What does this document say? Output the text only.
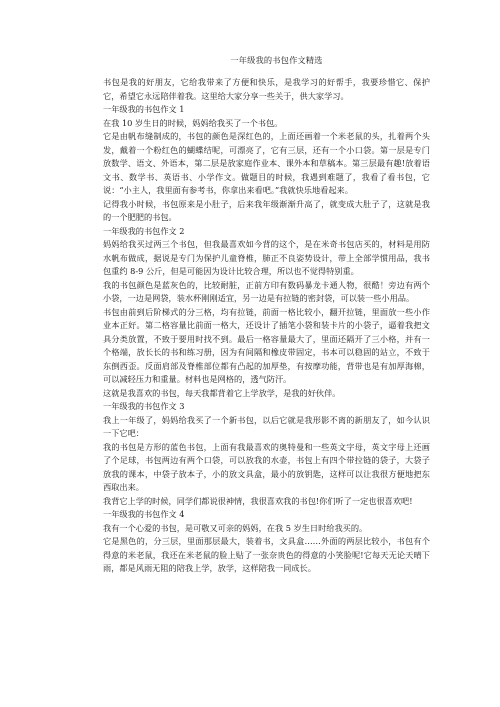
一年级我的书包作文精选

书包是我的好朋友，它给我带来了方便和快乐，是我学习的好帮手，我要珍惜它、保护它，希望它永远陪伴着我。这里给大家分享一些关于，供大家学习。

一年级我的书包作文 1

在我 10 岁生日的时候，妈妈给我买了一个书包。

它是由帆布缝制成的，书包的颜色是深红色的，上面还画着一个米老鼠的头，扎着两个头发，戴着一个粉红色的蝴蝶结呢，可漂亮了，它有三层，还有一个小口袋。第一层是专门放数学、语文、外语本，第二层是放家庭作业本、课外本和草稿本。第三层最有趣!放着语文书、数学书、英语书、小学作文。做题目的时候，我遇到难题了，我看了看书包，它说：“小主人，我里面有参考书，你拿出来看吧。”我就快乐地看起来。

记得我小时候，书包原来是小肚子，后来我年级渐渐升高了，就变成大肚子了，这就是我的一个肥肥的书包。

一年级我的书包作文 2

妈妈给我买过两三个书包，但我最喜欢如今背的这个，是在米奇书包店买的，材料是用防水帆布做成，据说是专门为保护儿童脊椎，肺正不良姿势设计，带上全部学惯用品，我书包重约 8-9 公斤，但是可能因为设计比较合理，所以也不觉得特别重。

我的书包颜色是蓝灰色的，比较耐脏，正前方印有数码暴龙卡通人物，很酷！旁边有两个小袋，一边是网袋，装水杯刚刚适宜，另一边是有拉链的密封袋，可以装一些小用品。

书包由前到后阶梯式的分三格，均有拉链，前面一格比较小，翻开拉链，里面放一些小作业本正好。第二格容量比前面一格大，还设计了插笔小袋和装卡片的小袋子，逼着我把文具分类放置，不致于要用时找不到。最后一格容量最大了，里面还隔开了三小格，并有一个格端，放长长的书和练习册，因为有间隔和橡皮带固定，书本可以稳固的站立，不致于东倒西歪。反面肩部及脊椎部位都有凸起的加厚垫，有按摩功能，背带也是有加厚海棉，可以减轻压力和重量。材料也是网格的，透气防汗。

这就是我喜欢的书包，每天我都背着它上学放学，是我的好伙伴。

一年级我的书包作文 3

我上一年级了，妈妈给我买了一个新书包，以后它就是我形影不离的新朋友了，如今认识一下它吧：

我的书包是方形的蓝色书包，上面有我最喜欢的奥特曼和一些英文字母，英文字母上还画了个足球，书包两边有两个口袋，可以放我的水壶，书包上有四个带拉链的袋子，大袋子放我的课本，中袋子放本子，小的放文具盒，最小的放钥匙，这样可以让我很方便地把东西取出来。

我背它上学的时候，同学们都说很神情，我很喜欢我的书包!你们听了一定也很喜欢吧!

一年级我的书包作文 4

我有一个心爱的书包，是可敬又可亲的妈妈，在我 5 岁生日时给我买的。

它是黑色的，分三层，里面那层最大，装着书，文具盒……外面的两层比较小，书包有个得意的米老鼠，我还在米老鼠的脸上贴了一张奈贵色的得意的小笑脸呢!它每天无论天晴下雨，都是风雨无阻的陪我上学，放学，这样陪我一同成长。
